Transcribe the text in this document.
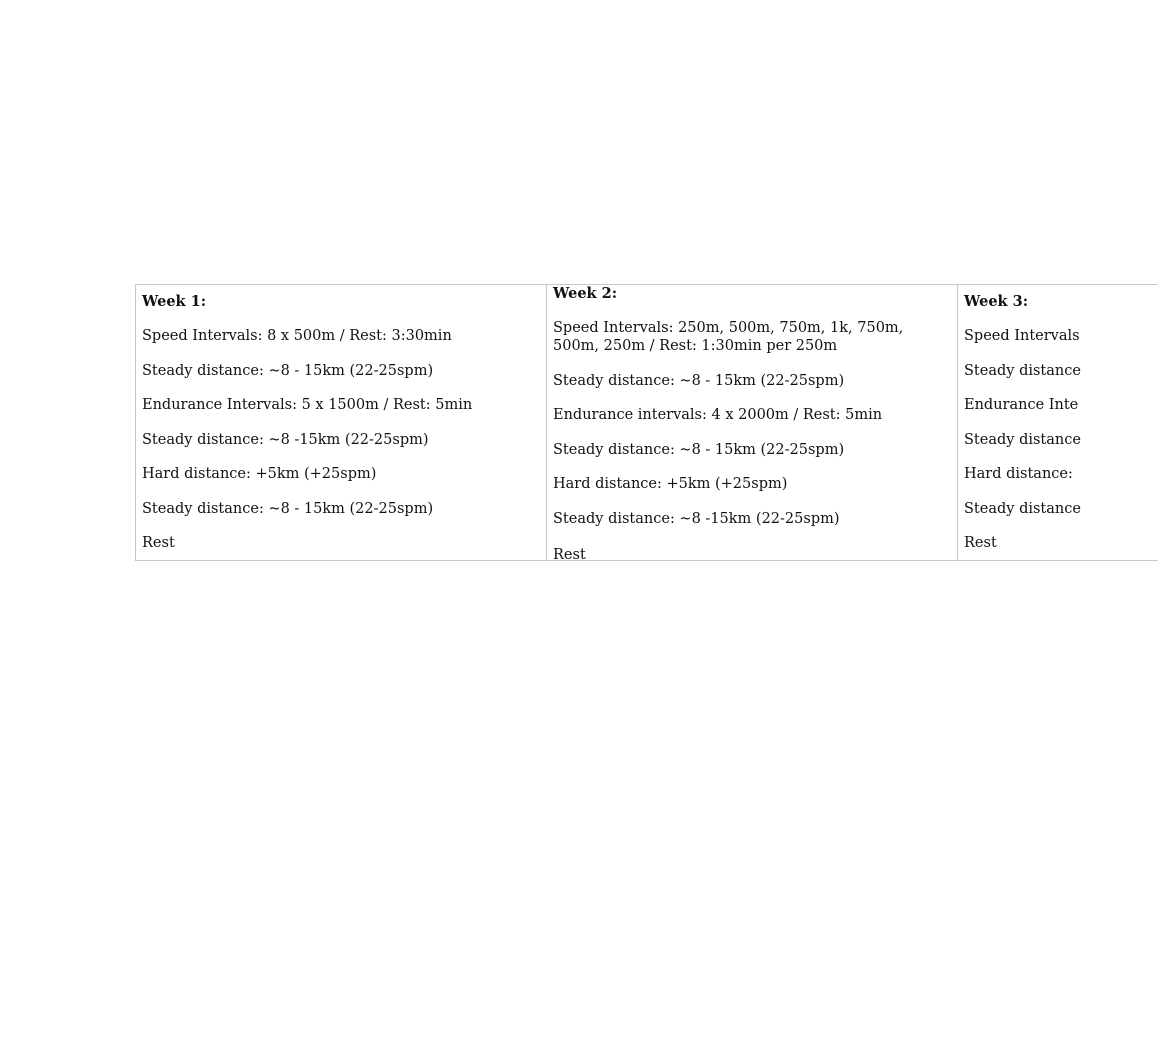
Week 1:
Speed Intervals: 8 x 500m / Rest: 3:30min
Steady distance: ~8 - 15km (22-25spm)
Endurance Intervals: 5 x 1500m / Rest: 5min
Steady distance: ~8 -15km (22-25spm)
Hard distance: +5km (+25spm)
Steady distance: ~8 - 15km (22-25spm)
Rest
Week 2:
Speed Intervals: 250m, 500m, 750m, 1k, 750m, 500m, 250m / Rest: 1:30min per 250m
Steady distance: ~8 - 15km (22-25spm)
Endurance intervals: 4 x 2000m / Rest: 5min
Steady distance: ~8 - 15km (22-25spm)
Hard distance: +5km (+25spm)
Steady distance: ~8 -15km (22-25spm)
Rest
Week 3:
Speed Intervals
Steady distance
Endurance Inte
Steady distance
Hard distance:
Steady distance
Rest
